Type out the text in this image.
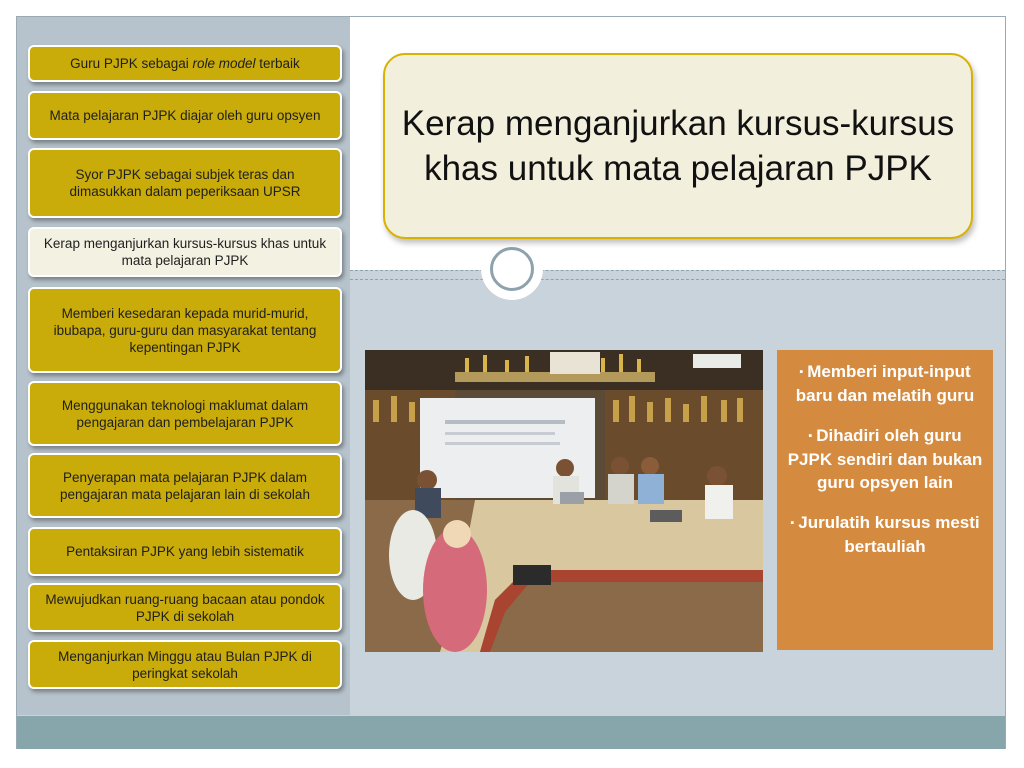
Guru PJPK sebagai role model terbaik
Mata pelajaran PJPK diajar oleh guru opsyen
Syor PJPK sebagai subjek teras dan dimasukkan dalam peperiksaan UPSR
Kerap menganjurkan kursus-kursus khas untuk mata pelajaran PJPK
Memberi kesedaran kepada murid-murid, ibubapa, guru-guru dan masyarakat tentang kepentingan PJPK
Menggunakan teknologi maklumat dalam pengajaran dan pembelajaran PJPK
Penyerapan mata pelajaran PJPK dalam pengajaran mata pelajaran lain di sekolah
Pentaksiran PJPK yang lebih sistematik
Mewujudkan ruang-ruang bacaan atau pondok PJPK di sekolah
Menganjurkan Minggu atau Bulan PJPK di peringkat sekolah
Kerap menganjurkan kursus-kursus khas untuk mata pelajaran PJPK

▪ Memberi input-input baru dan melatih guru

▪ Dihadiri oleh guru PJPK sendiri dan bukan guru opsyen lain

▪ Jurulatih kursus mesti bertauliah
